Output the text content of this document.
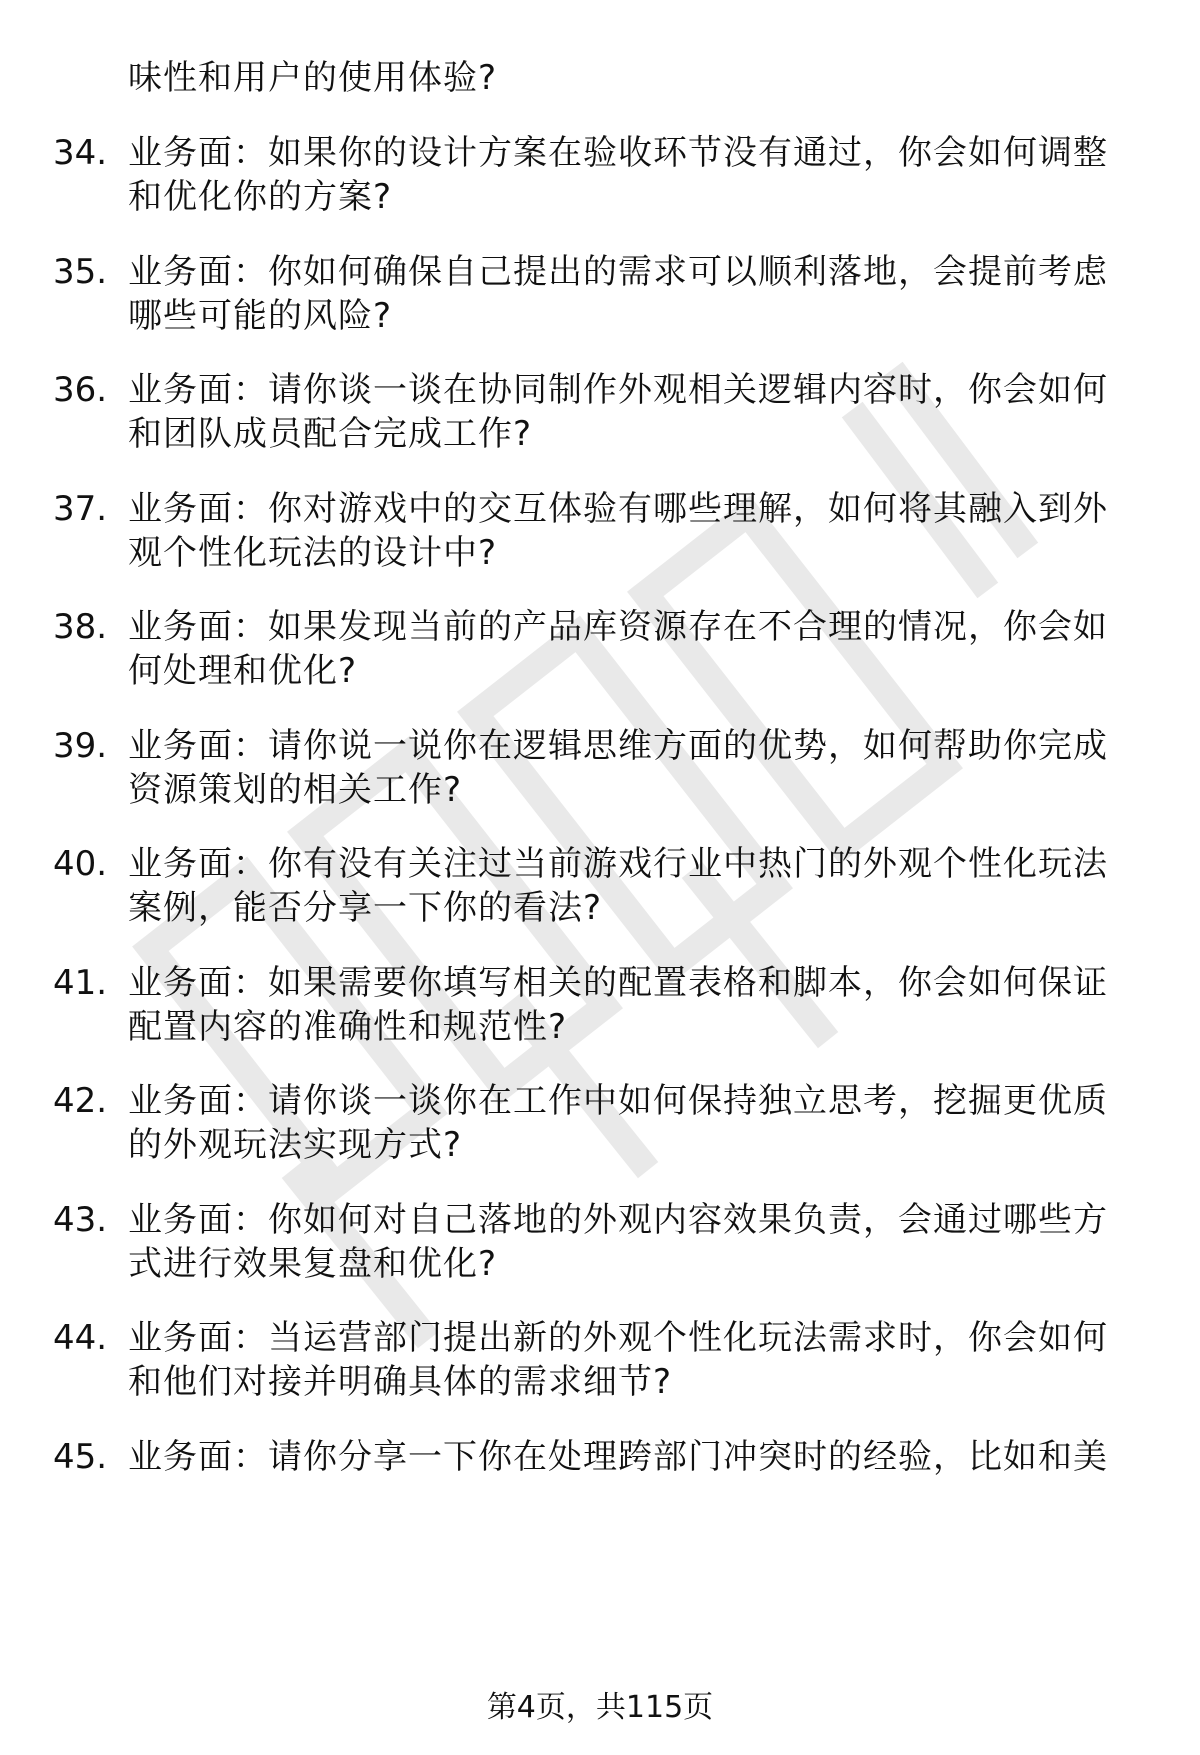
味性和用户的使用体验?
34. 业务面：如果你的设计方案在验收环节没有通过，你会如何调整
和优化你的方案?
35. 业务面：你如何确保自己提出的需求可以顺利落地，会提前考虑
哪些可能的风险?
36. 业务面：请你谈一谈在协同制作外观相关逻辑内容时，你会如何
和团队成员配合完成工作?
37. 业务面：你对游戏中的交互体验有哪些理解，如何将其融入到外
观个性化玩法的设计中?
38. 业务面：如果发现当前的产品库资源存在不合理的情况，你会如
何处理和优化?
39. 业务面：请你说一说你在逻辑思维方面的优势，如何帮助你完成
资源策划的相关工作?
40. 业务面：你有没有关注过当前游戏行业中热门的外观个性化玩法
案例，能否分享一下你的看法?
41. 业务面：如果需要你填写相关的配置表格和脚本，你会如何保证
配置内容的准确性和规范性?
42. 业务面：请你谈一谈你在工作中如何保持独立思考，挖掘更优质
的外观玩法实现方式?
43. 业务面：你如何对自己落地的外观内容效果负责，会通过哪些方
式进行效果复盘和优化?
44. 业务面：当运营部门提出新的外观个性化玩法需求时，你会如何
和他们对接并明确具体的需求细节?
45. 业务面：请你分享一下你在处理跨部门冲突时的经验，比如和美
第4页，共115页
